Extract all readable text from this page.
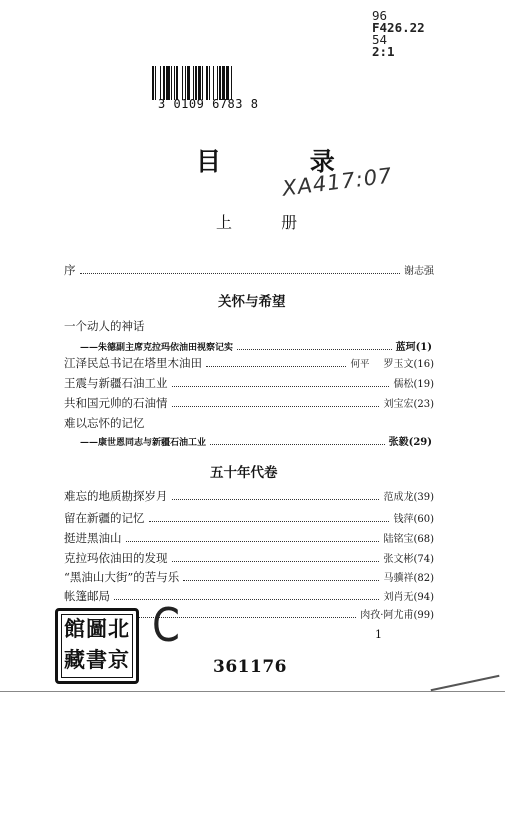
96
F426.22
54
2:1
3 0109 6783 8
目 录
XA417:07
上 册
序	谢志强
关怀与希望
一个动人的神话
——朱德副主席克拉玛依油田视察记实	蓝珂(1)
江泽民总书记在塔里木油田	何平 罗玉文(16)
王震与新疆石油工业	儒松(19)
共和国元帅的石油情	刘宝宏(23)
难以忘怀的记忆
——康世恩同志与新疆石油工业	张毅(29)
五十年代卷
难忘的地质勘探岁月	范成龙(39)
留在新疆的记忆	钱萍(60)
挺进黑油山	陆铭宝(68)
克拉玛依油田的发现	张文彬(74)
“黑油山大街”的苦与乐	马骥祥(82)
帐篷邮局	刘肖无(94)
肉孜·阿尤甫(99)
1
館圖北
藏書京
C
361176
